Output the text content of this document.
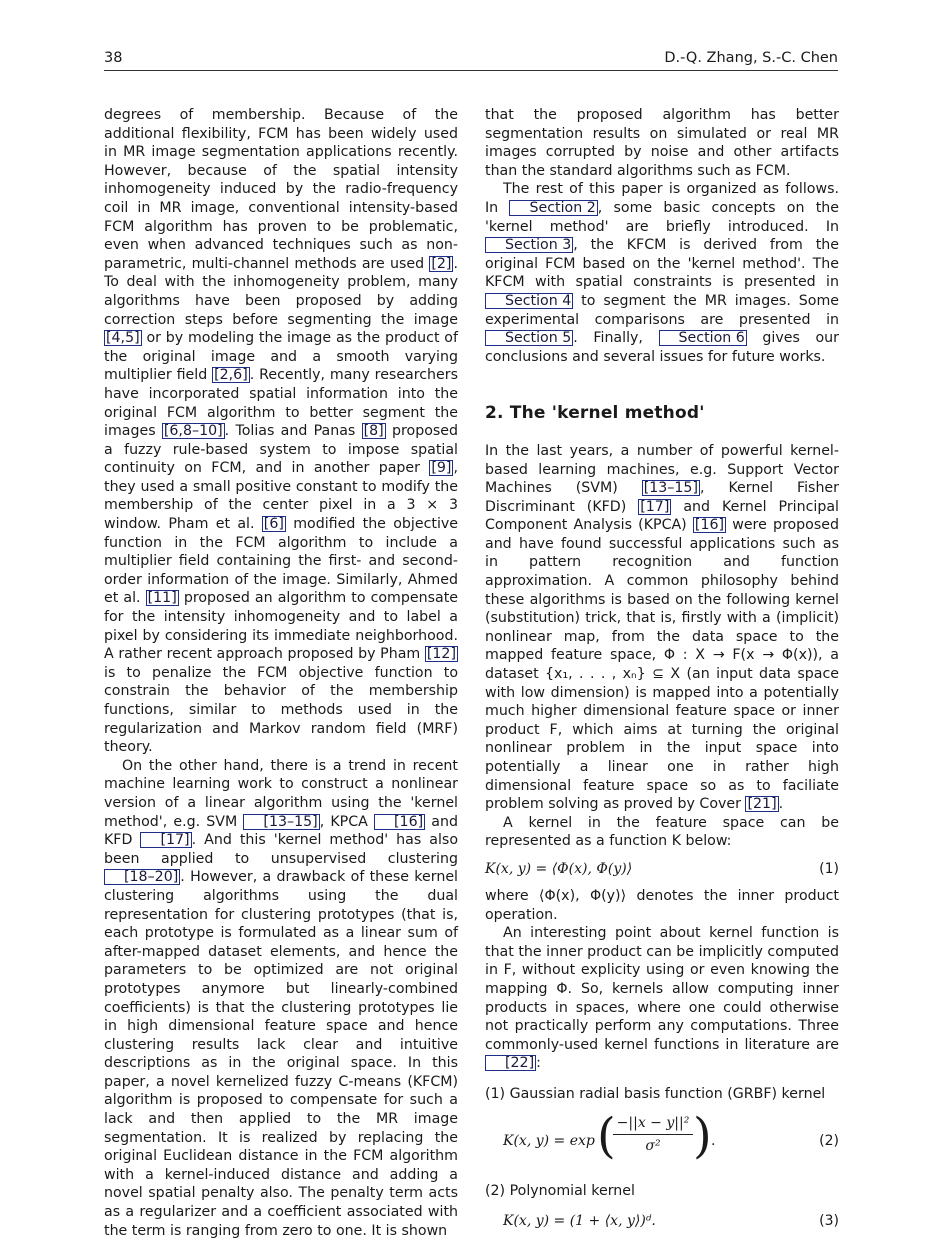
38	D.-Q. Zhang, S.-C. Chen

degrees of membership. Because of the additional flexibility, FCM has been widely used in MR image segmentation applications recently. However, because of the spatial intensity inhomogeneity induced by the radio-frequency coil in MR image, conventional intensity-based FCM algorithm has proven to be problematic, even when advanced techniques such as non-parametric, multi-channel methods are used [2] . To deal with the inhomogeneity problem, many algorithms have been proposed by adding correction steps before segmenting the image [4,5] or by modeling the image as the product of the original image and a smooth varying multiplier field [2,6] . Recently, many researchers have incorporated spatial information into the original FCM algorithm to better segment the images [6,8–10] . Tolias and Panas [8] proposed a fuzzy rule-based system to impose spatial continuity on FCM, and in another paper [9] , they used a small positive constant to modify the membership of the center pixel in a 3 × 3 window. Pham et al. [6] modified the objective function in the FCM algorithm to include a multiplier field containing the first- and second-order information of the image. Similarly, Ahmed et al. [11] proposed an algorithm to compensate for the intensity inhomogeneity and to label a pixel by considering its immediate neighborhood. A rather recent approach proposed by Pham [12] is to penalize the FCM objective function to constrain the behavior of the membership functions, similar to methods used in the regularization and Markov random field (MRF) theory.

On the other hand, there is a trend in recent machine learning work to construct a nonlinear version of a linear algorithm using the 'kernel method', e.g. SVM [13–15] , KPCA [16] and KFD [17] . And this 'kernel method' has also been applied to unsupervised clustering [18–20] . However, a drawback of these kernel clustering algorithms using the dual representation for clustering prototypes (that is, each prototype is formulated as a linear sum of after-mapped dataset elements, and hence the parameters to be optimized are not original prototypes anymore but linearly-combined coefficients) is that the clustering prototypes lie in high dimensional feature space and hence clustering results lack clear and intuitive descriptions as in the original space. In this paper, a novel kernelized fuzzy C-means (KFCM) algorithm is proposed to compensate for such a lack and then applied to the MR image segmentation. It is realized by replacing the original Euclidean distance in the FCM algorithm with a kernel-induced distance and adding a novel spatial penalty also. The penalty term acts as a regularizer and a coefficient associated with the term is ranging from zero to one. It is shown

that the proposed algorithm has better segmentation results on simulated or real MR images corrupted by noise and other artifacts than the standard algorithms such as FCM.

The rest of this paper is organized as follows. In Section 2 , some basic concepts on the 'kernel method' are briefly introduced. In Section 3 , the KFCM is derived from the original FCM based on the 'kernel method'. The KFCM with spatial constraints is presented in Section 4 to segment the MR images. Some experimental comparisons are presented in Section 5 . Finally, Section 6 gives our conclusions and several issues for future works.

2. The 'kernel method'

In the last years, a number of powerful kernel-based learning machines, e.g. Support Vector Machines (SVM) [13–15] , Kernel Fisher Discriminant (KFD) [17] and Kernel Principal Component Analysis (KPCA) [16] were proposed and have found successful applications such as in pattern recognition and function approximation. A common philosophy behind these algorithms is based on the following kernel (substitution) trick, that is, firstly with a (implicit) nonlinear map, from the data space to the mapped feature space, Φ : X → F(x → Φ(x)), a dataset {x₁, . . . , xₙ} ⊆ X (an input data space with low dimension) is mapped into a potentially much higher dimensional feature space or inner product F, which aims at turning the original nonlinear problem in the input space into potentially a linear one in rather high dimensional feature space so as to faciliate problem solving as proved by Cover [21] .

A kernel in the feature space can be represented as a function K below:

K(x, y) = ⟨Φ(x), Φ(y)⟩	(1)

where ⟨Φ(x), Φ(y)⟩ denotes the inner product operation.

An interesting point about kernel function is that the inner product can be implicitly computed in F, without explicity using or even knowing the mapping Φ. So, kernels allow computing inner products in spaces, where one could otherwise not practically perform any computations. Three commonly-used kernel functions in literature are [22] :

(1) Gaussian radial basis function (GRBF) kernel
K(x, y) = exp (
$\frac{\text{−||x − y||²}}{\text{σ²}}$ ) .	(2)
(2) Polynomial kernel
K(x, y) = (1 + ⟨x, y⟩)ᵈ.	(3)
